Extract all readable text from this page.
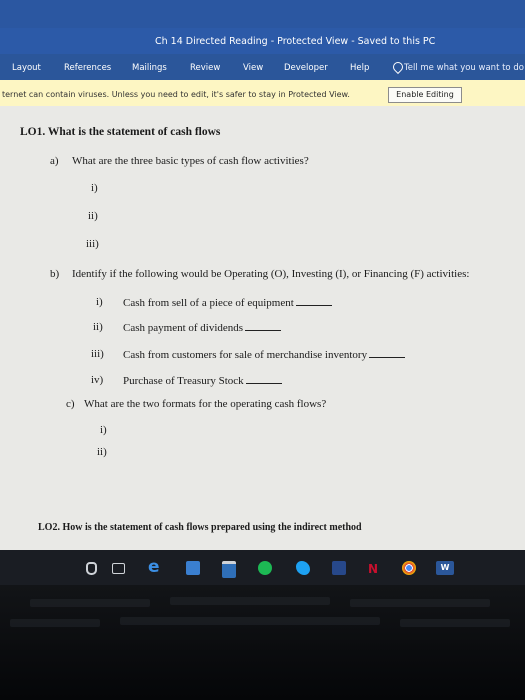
Ch 14 Directed Reading - Protected View - Saved to this PC
Layout	References Mailings	Review	View Developer	Help	Tell me what you want to do
ternet can contain viruses. Unless you need to edit, it's safer to stay in Protected View.	Enable Editing
LO1. What is the statement of cash flows
a) What are the three basic types of cash flow activities?
i)
ii)
iii)
b) Identify if the following would be Operating (O), Investing (I), or Financing (F) activities:
i) Cash from sell of a piece of equipment
ii) Cash payment of dividends
iii) Cash from customers for sale of merchandise inventory
iv) Purchase of Treasury Stock
c) What are the two formats for the operating cash flows?
i)
ii)
LO2. How is the statement of cash flows prepared using the indirect method
e	N	W
